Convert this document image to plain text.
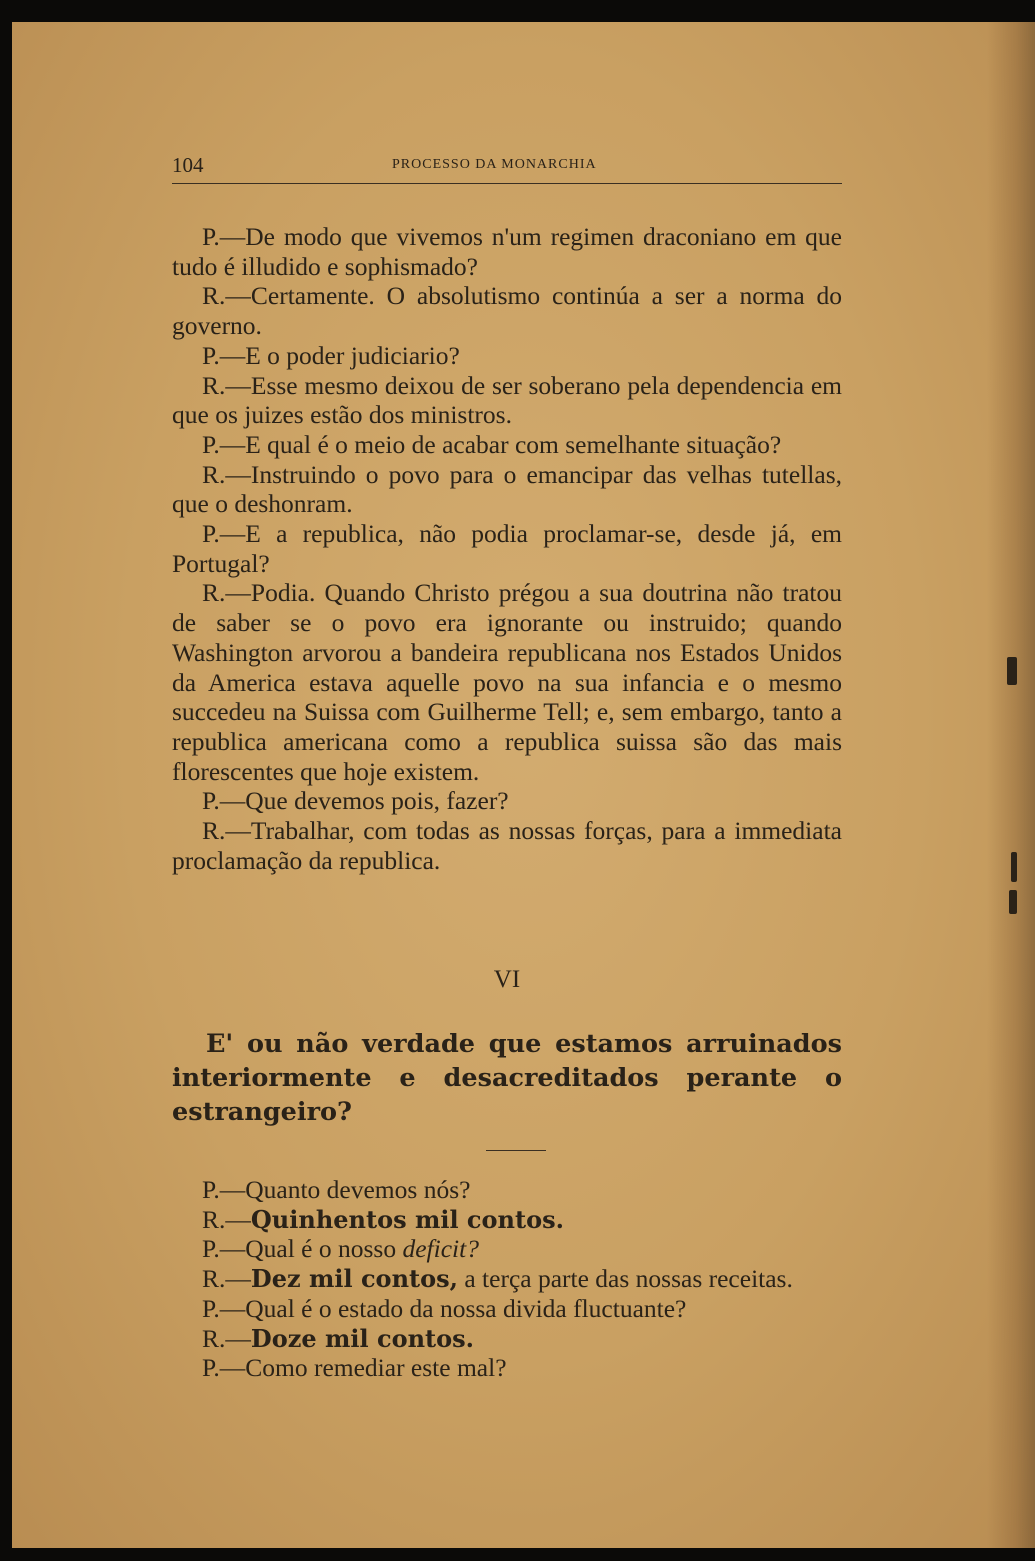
104	PROCESSO DA MONARCHIA

P.—De modo que vivemos n'um regimen draconiano em que tudo é illudido e sophismado?

R.—Certamente. O absolutismo continúa a ser a norma do governo.

P.—E o poder judiciario?

R.—Esse mesmo deixou de ser soberano pela dependencia em que os juizes estão dos ministros.

P.—E qual é o meio de acabar com semelhante situação?

R.—Instruindo o povo para o emancipar das velhas tutellas, que o deshonram.

P.—E a republica, não podia proclamar-se, desde já, em Portugal?

R.—Podia. Quando Christo prégou a sua doutrina não tratou de saber se o povo era ignorante ou instruido; quando Washington arvorou a bandeira republicana nos Estados Unidos da America estava aquelle povo na sua infancia e o mesmo succedeu na Suissa com Guilherme Tell; e, sem embargo, tanto a republica americana como a republica suissa são das mais florescentes que hoje existem.

P.—Que devemos pois, fazer?

R.—Trabalhar, com todas as nossas forças, para a immediata proclamação da republica.

VI

E' ou não verdade que estamos arruinados interiormente e desacreditados perante o estrangeiro?

P.—Quanto devemos nós?

R.—Quinhentos mil contos.

P.—Qual é o nosso deficit?

R.—Dez mil contos, a terça parte das nossas receitas.

P.—Qual é o estado da nossa divida fluctuante?

R.—Doze mil contos.

P.—Como remediar este mal?
